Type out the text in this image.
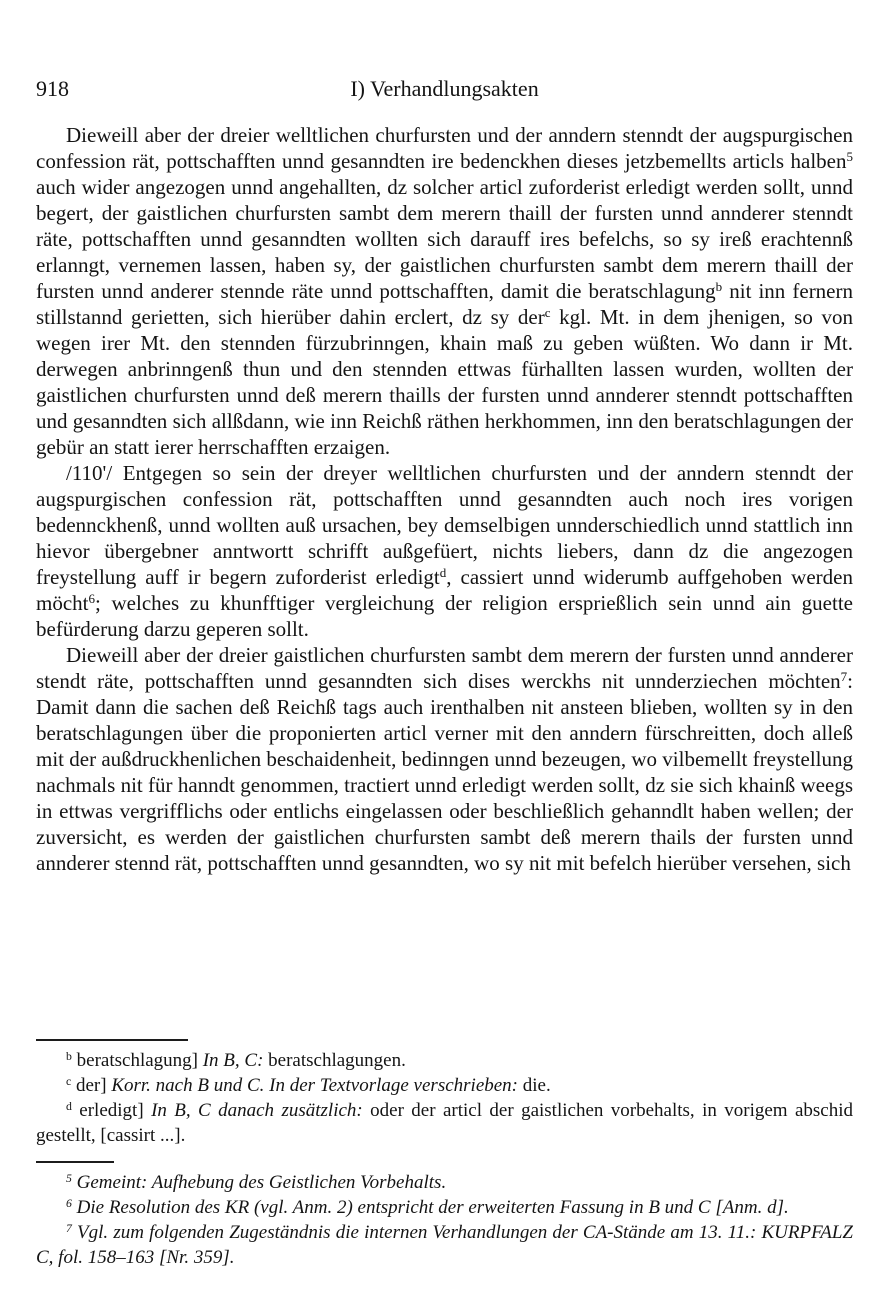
918	I) Verhandlungsakten

Dieweill aber der dreier welltlichen churfursten und der anndern stenndt der augspurgischen confession rät, pottschafften unnd gesanndten ire bedenckhen dieses jetzbemellts articls halben$^5$ auch wider angezogen unnd angehallten, dz solcher articl zuforderist erledigt werden sollt, unnd begert, der gaistlichen churfursten sambt dem merern thaill der fursten unnd annderer stenndt räte, pottschafften unnd gesanndten wollten sich darauff ires befelchs, so sy ireß erachtennß erlanngt, vernemen lassen, haben sy, der gaistlichen churfursten sambt dem merern thaill der fursten unnd anderer stennde räte unnd pottschafften, damit die beratschlagung$^b$ nit inn fernern stillstannd gerietten, sich hierüber dahin erclert, dz sy der$^c$ kgl. Mt. in dem jhenigen, so von wegen irer Mt. den stennden fürzubrinngen, khain maß zu geben wüßten. Wo dann ir Mt. derwegen anbrinngenß thun und den stennden ettwas fürhallten lassen wurden, wollten der gaistlichen churfursten unnd deß merern thaills der fursten unnd annderer stenndt pottschafften und gesanndten sich allßdann, wie inn Reichß räthen herkhommen, inn den beratschlagungen der gebür an statt ierer herrschafften erzaigen.

/110'/ Entgegen so sein der dreyer welltlichen churfursten und der anndern stenndt der augspurgischen confession rät, pottschafften unnd gesanndten auch noch ires vorigen bedennckhenß, unnd wollten auß ursachen, bey demselbigen unnderschiedlich unnd stattlich inn hievor übergebner anntwortt schrifft außgefüert, nichts liebers, dann dz die angezogen freystellung auff ir begern zuforderist erledigt$^d$, cassiert unnd widerumb auffgehoben werden möcht$^6$; welches zu khunfftiger vergleichung der religion ersprießlich sein unnd ain guette befürderung darzu geperen sollt.

Dieweill aber der dreier gaistlichen churfursten sambt dem merern der fursten unnd annderer stendt räte, pottschafften unnd gesanndten sich dises werckhs nit unnderziechen möchten$^7$: Damit dann die sachen deß Reichß tags auch irenthalben nit ansteen blieben, wollten sy in den beratschlagungen über die proponierten articl verner mit den anndern fürschreitten, doch alleß mit der außdruckhenlichen beschaidenheit, bedinngen unnd bezeugen, wo vilbemellt freystellung nachmals nit für hanndt genommen, tractiert unnd erledigt werden sollt, dz sie sich khainß weegs in ettwas vergrifflichs oder entlichs eingelassen oder beschließlich gehanndlt haben wellen; der zuversicht, es werden der gaistlichen churfursten sambt deß merern thails der fursten unnd annderer stennd rät, pottschafften unnd gesanndten, wo sy nit mit befelch hierüber versehen, sich

$^b$ beratschlagung] In B, C: beratschlagungen.

$^c$ der] Korr. nach B und C. In der Textvorlage verschrieben: die.

$^d$ erledigt] In B, C danach zusätzlich: oder der articl der gaistlichen vorbehalts, in vorigem abschid gestellt, [cassirt ...].

$^5$ Gemeint: Aufhebung des Geistlichen Vorbehalts.

$^6$ Die Resolution des KR (vgl. Anm. 2) entspricht der erweiterten Fassung in B und C [Anm. d].

$^7$ Vgl. zum folgenden Zugeständnis die internen Verhandlungen der CA-Stände am 13. 11.: KURPFALZ C, fol. 158–163 [Nr. 359].
